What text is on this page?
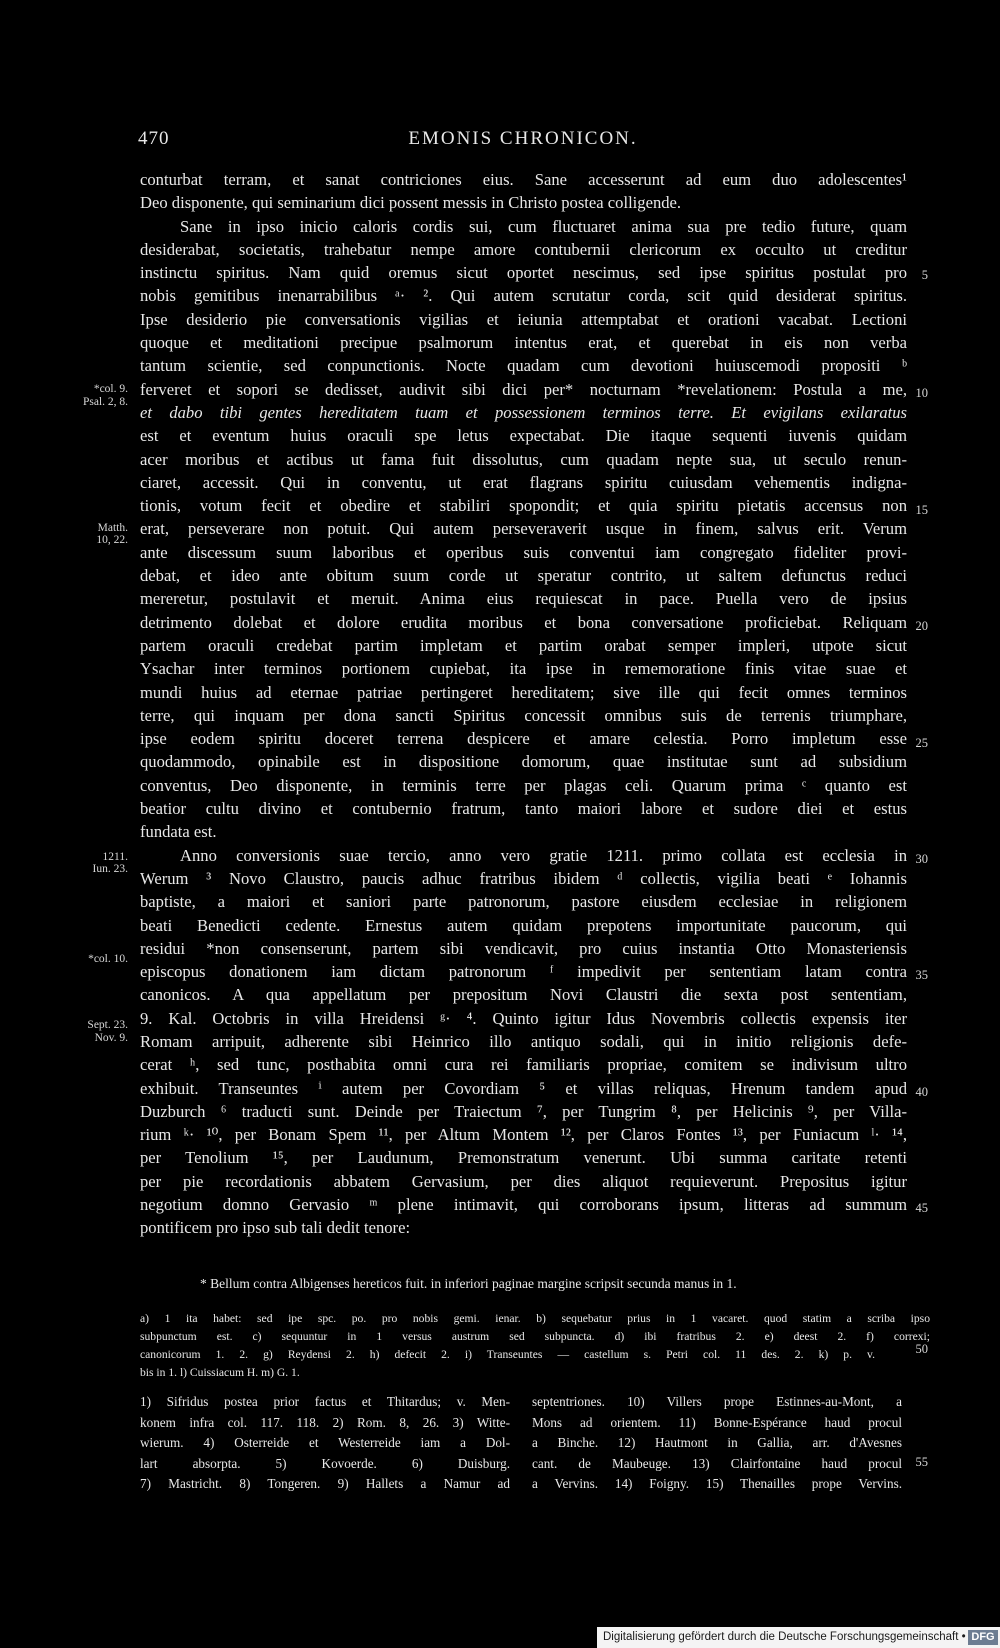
470	EMONIS CHRONICON.
conturbat terram, et sanat contriciones eius. Sane accesserunt ad eum duo adolescentes¹
Deo disponente, qui seminarium dici possent messis in Christo postea colligende.
Sane in ipso inicio caloris cordis sui, cum fluctuaret anima sua pre tedio future, quam
desiderabat, societatis, trahebatur nempe amore contubernii clericorum ex occulto ut creditur
instinctu spiritus. Nam quid oremus sicut oportet nescimus, sed ipse spiritus postulat pro
nobis gemitibus inenarrabilibus ᵃ· ². Qui autem scrutatur corda, scit quid desiderat spiritus.
Ipse desiderio pie conversationis vigilias et ieiunia attemptabat et orationi vacabat. Lectioni
quoque et meditationi precipue psalmorum intentus erat, et querebat in eis non verba
tantum scientie, sed conpunctionis. Nocte quadam cum devotioni huiuscemodi propositi ᵇ
ferveret et sopori se dedisset, audivit sibi dici per* nocturnam *revelationem: Postula a me,
et dabo tibi gentes hereditatem tuam et possessionem terminos terre. Et evigilans exilaratus
est et eventum huius oraculi spe letus expectabat. Die itaque sequenti iuvenis quidam
acer moribus et actibus ut fama fuit dissolutus, cum quadam nepte sua, ut seculo renun-
ciaret, accessit. Qui in conventu, ut erat flagrans spiritu cuiusdam vehementis indigna-
tionis, votum fecit et obedire et stabiliri spopondit; et quia spiritu pietatis accensus non
erat, perseverare non potuit. Qui autem perseveraverit usque in finem, salvus erit. Verum
ante discessum suum laboribus et operibus suis conventui iam congregato fideliter provi-
debat, et ideo ante obitum suum corde ut speratur contrito, ut saltem defunctus reduci
mereretur, postulavit et meruit. Anima eius requiescat in pace. Puella vero de ipsius
detrimento dolebat et dolore erudita moribus et bona conversatione proficiebat. Reliquam
partem oraculi credebat partim impletam et partim orabat semper impleri, utpote sicut
Ysachar inter terminos portionem cupiebat, ita ipse in rememoratione finis vitae suae et
mundi huius ad eternae patriae pertingeret hereditatem; sive ille qui fecit omnes terminos
terre, qui inquam per dona sancti Spiritus concessit omnibus suis de terrenis triumphare,
ipse eodem spiritu doceret terrena despicere et amare celestia. Porro impletum esse
quodammodo, opinabile est in dispositione domorum, quae institutae sunt ad subsidium
conventus, Deo disponente, in terminis terre per plagas celi. Quarum prima ᶜ quanto est
beatior cultu divino et contubernio fratrum, tanto maiori labore et sudore diei et estus
fundata est.
Anno conversionis suae tercio, anno vero gratie 1211. primo collata est ecclesia in
Werum ³ Novo Claustro, paucis adhuc fratribus ibidem ᵈ collectis, vigilia beati ᵉ Iohannis
baptiste, a maiori et saniori parte patronorum, pastore eiusdem ecclesiae in religionem
beati Benedicti cedente. Ernestus autem quidam prepotens importunitate paucorum, qui
residui *non consenserunt, partem sibi vendicavit, pro cuius instantia Otto Monasteriensis
episcopus donationem iam dictam patronorum ᶠ impedivit per sententiam latam contra
canonicos. A qua appellatum per prepositum Novi Claustri die sexta post sententiam,
9. Kal. Octobris in villa Hreidensi ᵍ· ⁴. Quinto igitur Idus Novembris collectis expensis iter
Romam arripuit, adherente sibi Heinrico illo antiquo sodali, qui in initio religionis defe-
cerat ʰ, sed tunc, posthabita omni cura rei familiaris propriae, comitem se indivisum ultro
exhibuit. Transeuntes ⁱ autem per Covordiam ⁵ et villas reliquas, Hrenum tandem apud
Duzburch ⁶ traducti sunt. Deinde per Traiectum ⁷, per Tungrim ⁸, per Helicinis ⁹, per Villa-
rium ᵏ· ¹⁰, per Bonam Spem ¹¹, per Altum Montem ¹², per Claros Fontes ¹³, per Funiacum ˡ· ¹⁴,
per Tenolium ¹⁵, per Laudunum, Premonstratum venerunt. Ubi summa caritate retenti
per pie recordationis abbatem Gervasium, per dies aliquot requieverunt. Prepositus igitur
negotium domno Gervasio ᵐ plene intimavit, qui corroborans ipsum, litteras ad summum
pontificem pro ipso sub tali dedit tenore:
*col. 9.
Psal. 2, 8.
Matth.
10, 22.
1211.
Iun. 23.
*col. 10.
Sept. 23.
Nov. 9.
5
10
15
20
25
30
35
40
45
50
55
* Bellum contra Albigenses hereticos fuit. in inferiori paginae margine scripsit secunda manus in 1.
a) 1 ita habet: sed ipe spc. po. pro nobis gemi. ienar. b) sequebatur prius in 1 vacaret. quod statim a scriba ipso
subpunctum est. c) sequuntur in 1 versus austrum sed subpuncta. d) ibi fratribus 2. e) deest 2. f) correxi;
canonicorum 1. 2. g) Reydensi 2. h) defecit 2. i) Transeuntes — castellum s. Petri col. 11 des. 2. k) p. v.
bis in 1. l) Cuissiacum H. m) G. 1.
1) Sifridus postea prior factus et Thitardus; v. Men-
konem infra col. 117. 118. 2) Rom. 8, 26. 3) Witte-
wierum. 4) Osterreide et Westerreide iam a Dol-
lart absorpta. 5) Kovoerde. 6) Duisburg.
7) Mastricht. 8) Tongeren. 9) Hallets a Namur ad
septentriones. 10) Villers prope Estinnes-au-Mont, a
Mons ad orientem. 11) Bonne-Espérance haud procul
a Binche. 12) Hautmont in Gallia, arr. d'Avesnes
cant. de Maubeuge. 13) Clairfontaine haud procul
a Vervins. 14) Foigny. 15) Thenailles prope Vervins.
Digitalisierung gefördert durch die Deutsche Forschungsgemeinschaft • DFG
